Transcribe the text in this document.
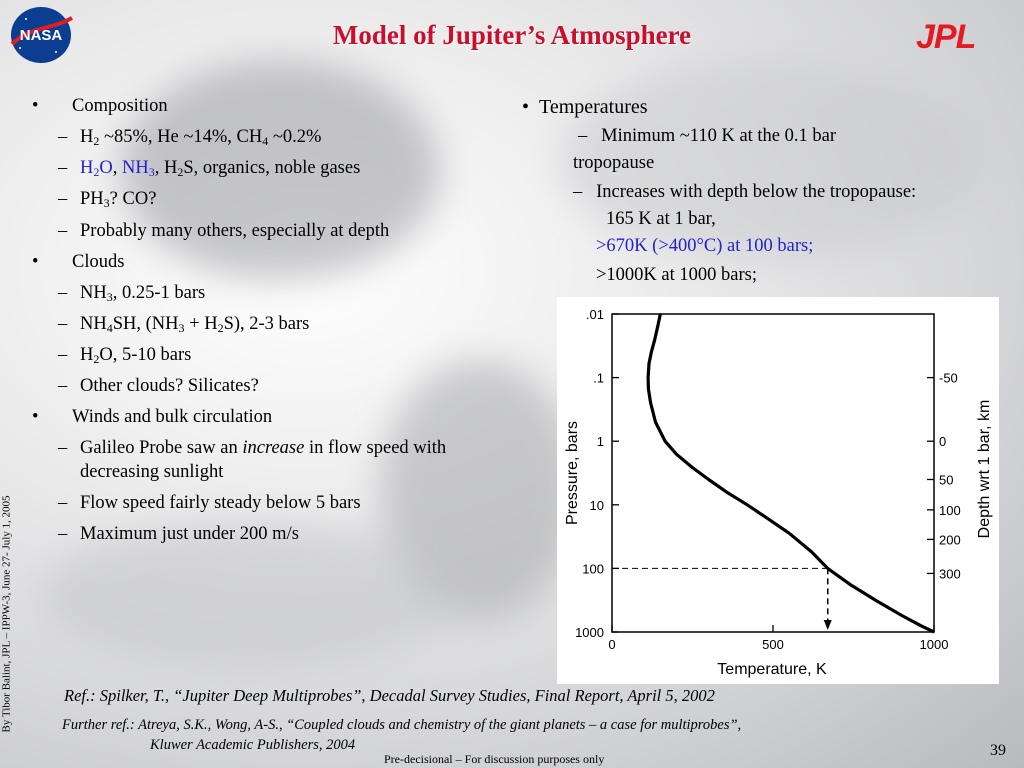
NASA	Model of Jupiter’s Atmosphere	JPL
• Composition
– $H_2$ ~85%, He ~14%, $CH_4$ ~0.2%
– $H_2O$, $NH_3$, $H_2S$, organics, noble gases
– $PH_3$? CO?
– Probably many others, especially at depth
• Clouds
– $NH_3$, 0.25-1 bars
– $NH_4SH$, $(NH_3 + H_2S)$, 2-3 bars
– $H_2O$, 5-10 bars
– Other clouds? Silicates?
• Winds and bulk circulation
– Galileo Probe saw an increase in flow speed with decreasing sunlight
– Flow speed fairly steady below 5 bars
– Maximum just under 200 m/s
•  Temperatures
–   Minimum ~110 K at the 0.1 bar
tropopause
–   Increases with depth below the tropopause:
165 K at 1 bar,
>670K (>400°C) at 100 bars;
>1000K at 1000 bars;
.01
.1
1
10
100
1000
0	500	1000
-50
0
50
100
200
300
Temperature, K
Pressure, bars	Depth wrt 1 bar, km
Ref.: Spilker, T., “Jupiter Deep Multiprobes”, Decadal Survey Studies, Final Report, April 5, 2002
Further ref.: Atreya, S.K., Wong, A-S., “Coupled clouds and chemistry of the giant planets – a case for multiprobes”,
Kluwer Academic Publishers, 2004
Pre-decisional – For discussion purposes only	39
By Tibor Balint, JPL – IPPW-3, June 27- July 1, 2005
